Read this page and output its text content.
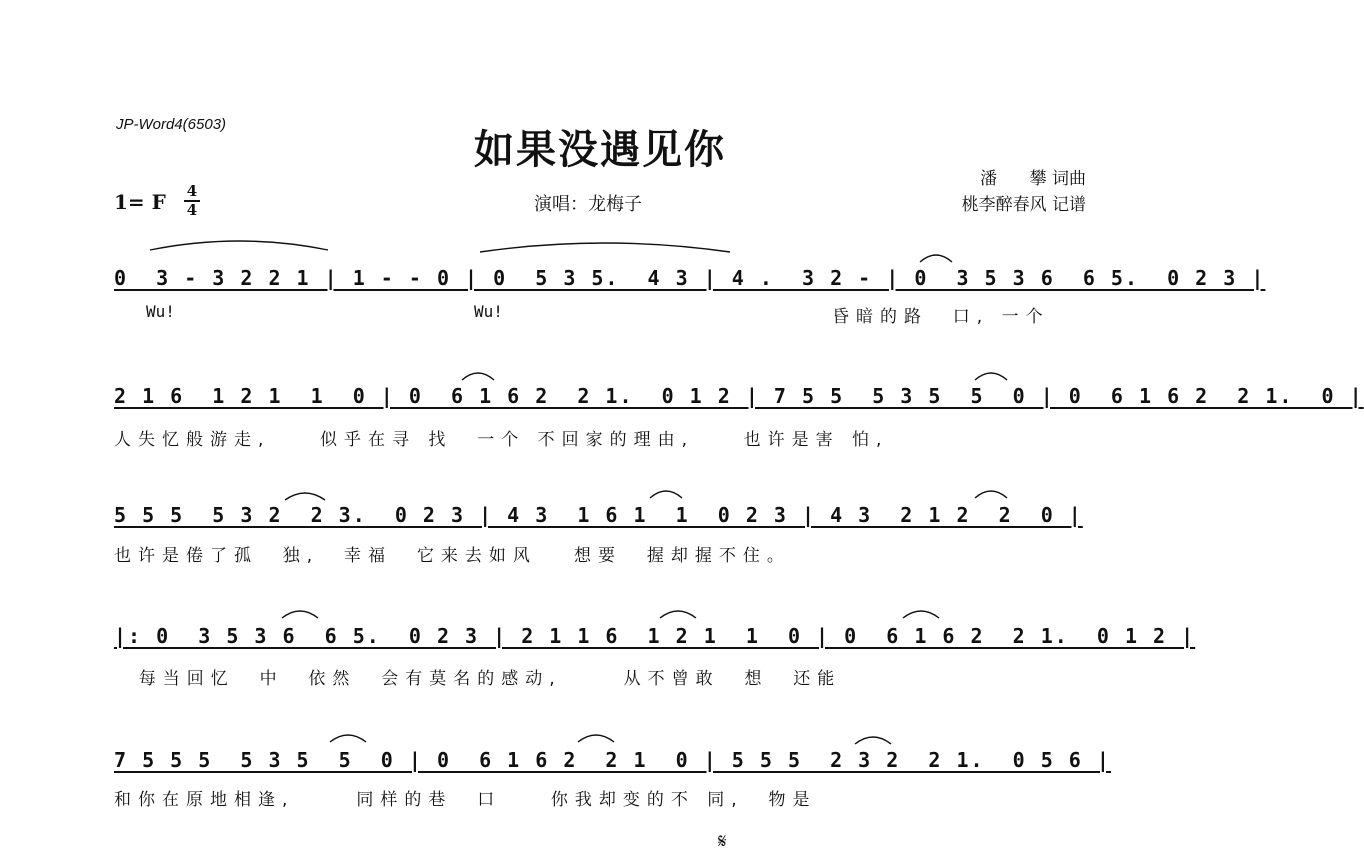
JP-Word4(6503)
如果没遇见你
1= F 4
4	演唱：龙梅子
潘      攀 词曲
桃李醉春风 记谱
0  3 - 3 2 2 1 | 1 - - 0 | 0  5 3 5.  4 3 | 4 .  3 2 - | 0  3 5 3 6  6 5.  0 2 3 |
Wu!	Wu!	昏暗的路  口, 一个
2 1 6  1 2 1  1  0 | 0  6 1 6 2  2 1.  0 1 2 | 7 5 5  5 3 5  5  0 | 0  6 1 6 2  2 1.  0 |
人失忆般游走,    似乎在寻 找  一个 不回家的理由,    也许是害 怕,
5 5 5  5 3 2  2 3.  0 2 3 | 4 3  1 6 1  1  0 2 3 | 4 3  2 1 2  2  0 |
也许是倦了孤  独,  幸福  它来去如风   想要  握却握不住。
|: 0  3 5 3 6  6 5.  0 2 3 | 2 1 1 6  1 2 1  1  0 | 0  6 1 6 2  2 1.  0 1 2 |
每当回忆  中  依然  会有莫名的感动,     从不曾敢  想  还能
7 5 5 5  5 3 5  5  0 | 0  6 1 6 2  2 1  0 | 5 5 5  2 3 2  2 1.  0 5 6 |
和你在原地相逢,     同样的巷  口    你我却变的不 同,  物是
𝄋
